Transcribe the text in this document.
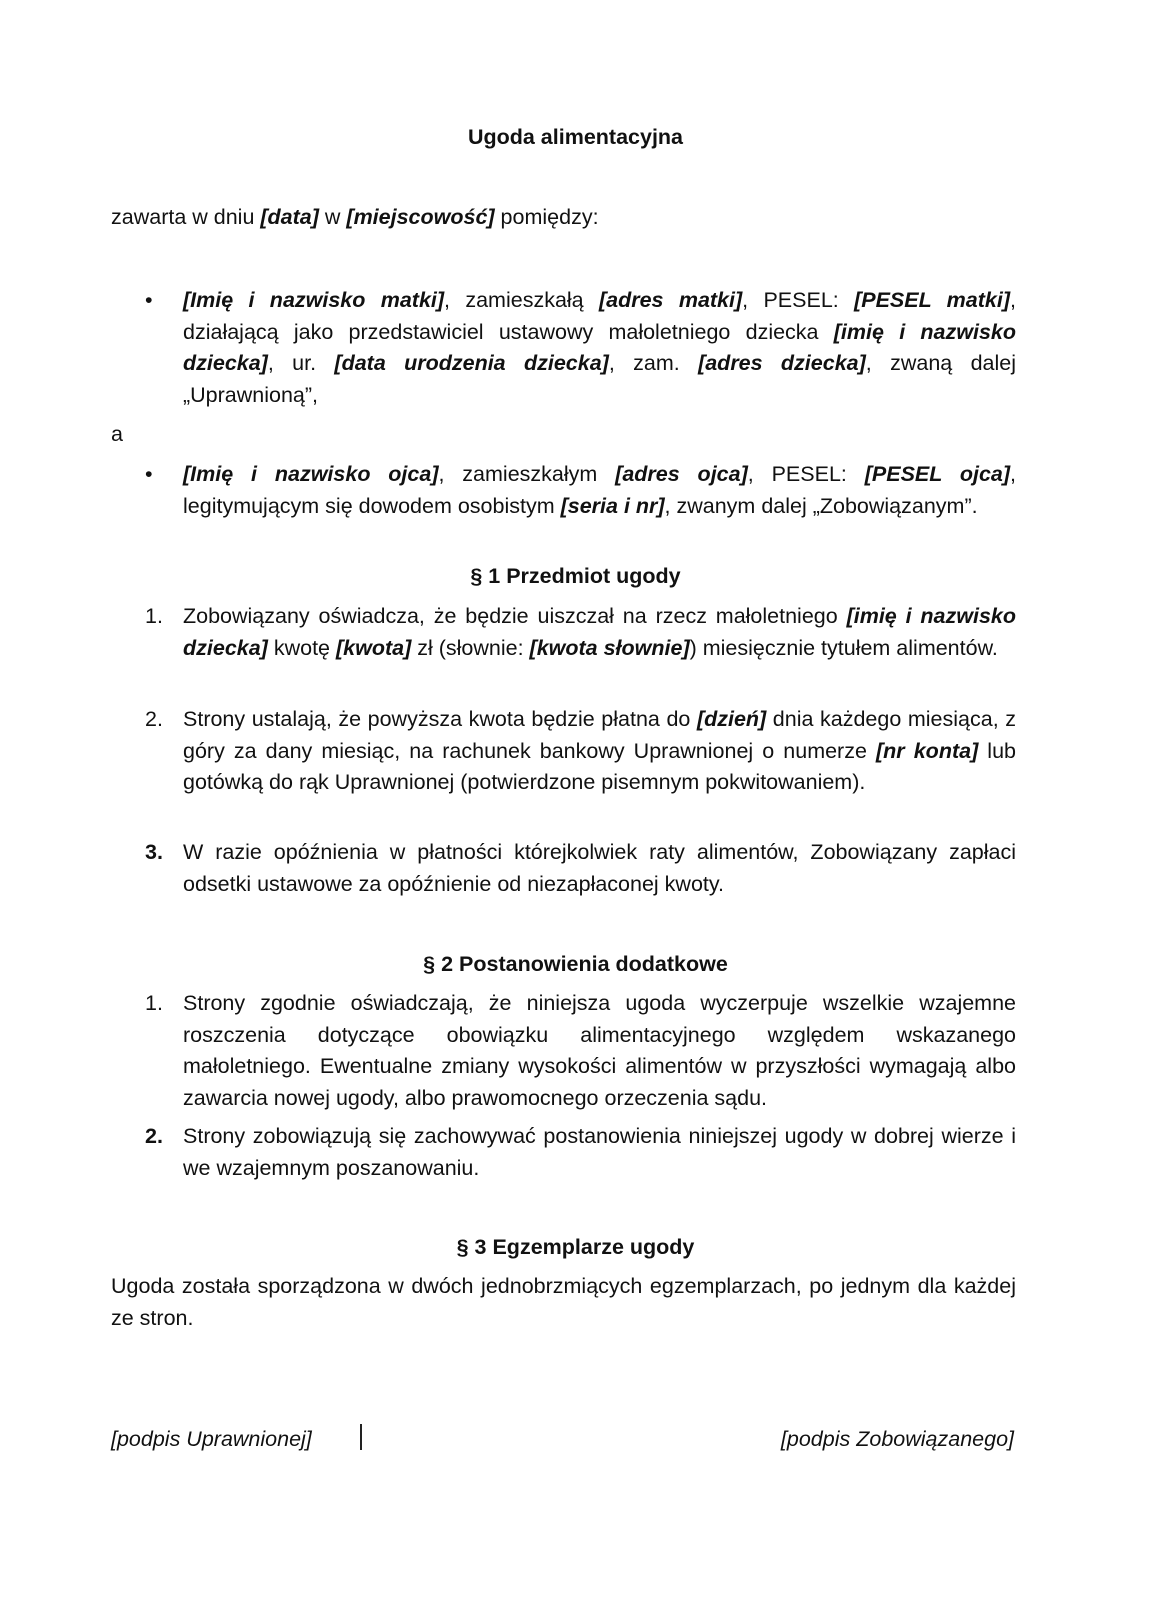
Ugoda alimentacyjna
zawarta w dniu [data] w [miejscowość] pomiędzy:
•	[Imię i nazwisko matki], zamieszkałą [adres matki], PESEL: [PESEL matki], działającą jako przedstawiciel ustawowy małoletniego dziecka [imię i nazwisko dziecka], ur. [data urodzenia dziecka], zam. [adres dziecka], zwaną dalej „Uprawnioną”,

a
•	[Imię i nazwisko ojca], zamieszkałym [adres ojca], PESEL: [PESEL ojca], legitymującym się dowodem osobistym [seria i nr], zwanym dalej „Zobowiązanym”.

§ 1 Przedmiot ugody
1. Zobowiązany oświadcza, że będzie uiszczał na rzecz małoletniego [imię i nazwisko dziecka] kwotę [kwota] zł (słownie: [kwota słownie]) miesięcznie tytułem alimentów.

2. Strony ustalają, że powyższa kwota będzie płatna do [dzień] dnia każdego miesiąca, z góry za dany miesiąc, na rachunek bankowy Uprawnionej o numerze [nr konta] lub gotówką do rąk Uprawnionej (potwierdzone pisemnym pokwitowaniem).

3. W razie opóźnienia w płatności którejkolwiek raty alimentów, Zobowiązany zapłaci odsetki ustawowe za opóźnienie od niezapłaconej kwoty.

§ 2 Postanowienia dodatkowe
1. Strony zgodnie oświadczają, że niniejsza ugoda wyczerpuje wszelkie wzajemne roszczenia dotyczące obowiązku alimentacyjnego względem wskazanego małoletniego. Ewentualne zmiany wysokości alimentów w przyszłości wymagają albo zawarcia nowej ugody, albo prawomocnego orzeczenia sądu.

2. Strony zobowiązują się zachowywać postanowienia niniejszej ugody w dobrej wierze i we wzajemnym poszanowaniu.

§ 3 Egzemplarze ugody

Ugoda została sporządzona w dwóch jednobrzmiących egzemplarzach, po jednym dla każdej ze stron.

[podpis Uprawnionej]	[podpis Zobowiązanego]
